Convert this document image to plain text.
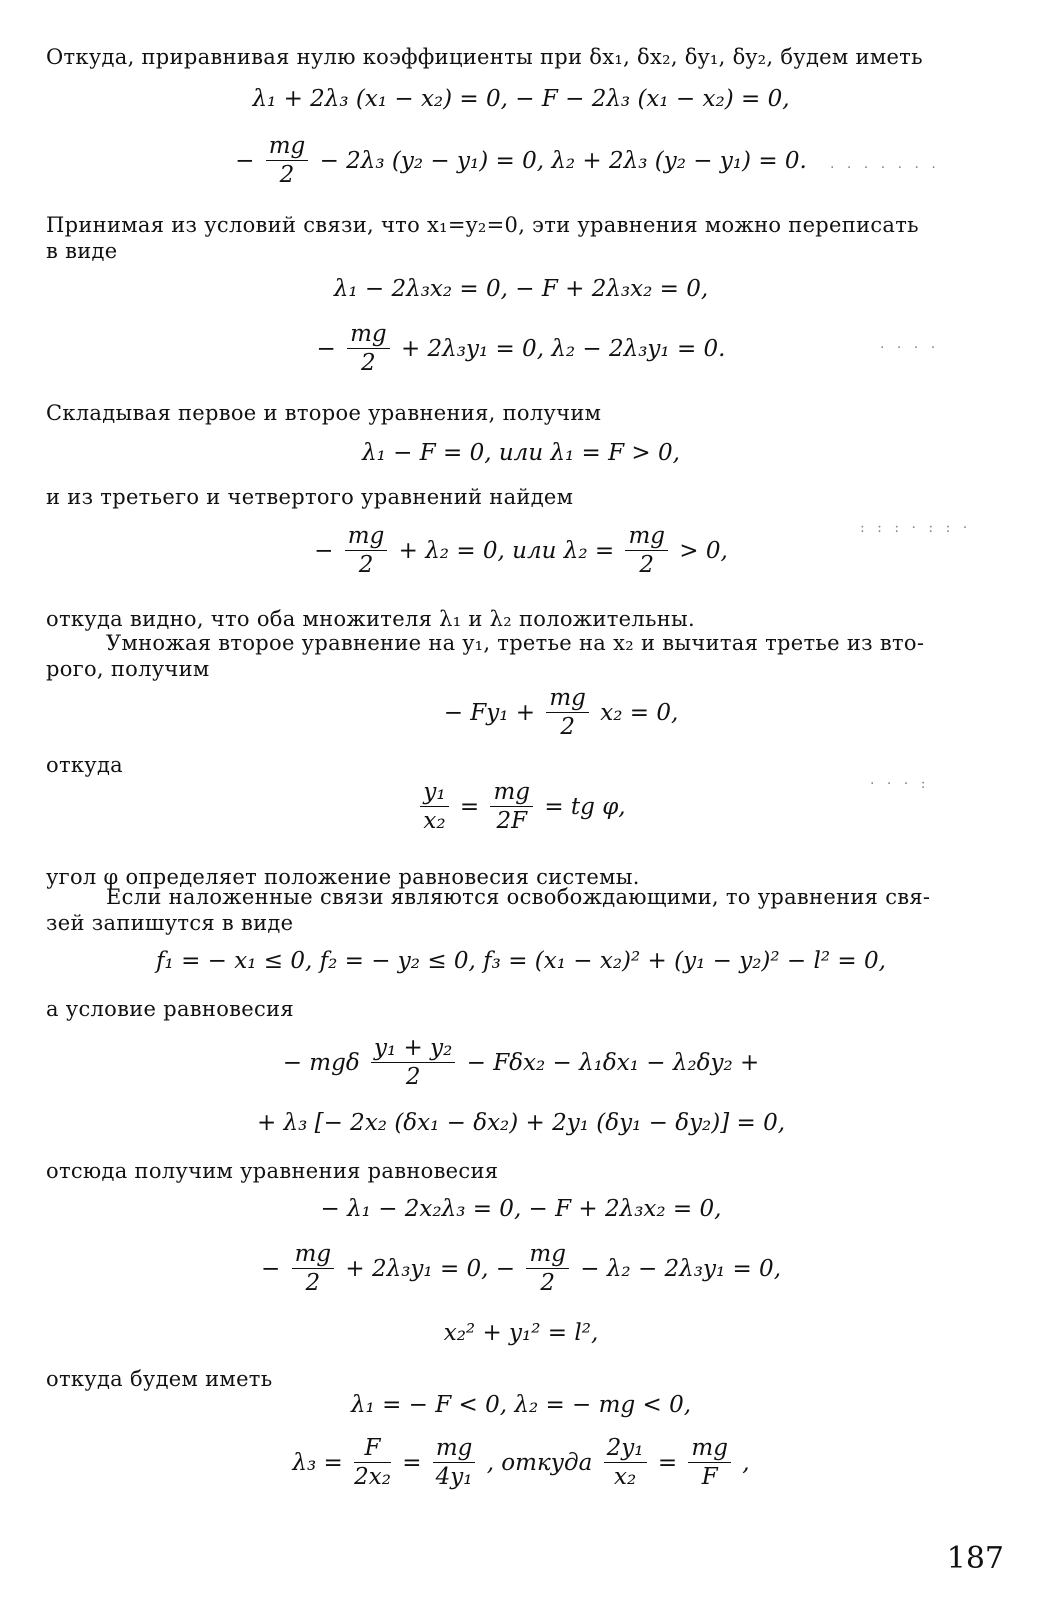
Откуда, приравнивая нулю коэффициенты при δx₁, δx₂, δy₁, δy₂, будем иметь
λ₁ + 2λ₃ (x₁ − x₂) = 0, − F − 2λ₃ (x₁ − x₂) = 0,
− $\frac{mg}{2} - 2\lambda_3$ (y₂ − y₁) = 0, λ₂ + 2λ₃ (y₂ − y₁) = 0.
Принимая из условий связи, что x₁=y₂=0, эти уравнения можно переписать
в виде
λ₁ − 2λ₃x₂ = 0, − F + 2λ₃x₂ = 0,
− $\frac{mg}{2} + 2\lambda_3y_1 = 0$, λ₂ − 2λ₃y₁ = 0.
Складывая первое и второе уравнения, получим
λ₁ − F = 0, или λ₁ = F > 0,
и из третьего и четвертого уравнений найдем
− $\frac{mg}{2} + \lambda_2 = 0$, или $\lambda_2 = \frac{mg}{2} > 0$,
откуда видно, что оба множителя λ₁ и λ₂ положительны.
Умножая второе уравнение на y₁, третье на x₂ и вычитая третье из вто-
рого, получим
− $Fy_1 + \frac{mg}{2} x_2 = 0$,
откуда
$\frac{\text{y₁}}{\text{x₂}} = \frac{mg}{2F}$ = tg φ,
угол φ определяет положение равновесия системы.
Если наложенные связи являются освобождающими, то уравнения свя-
зей запишутся в виде
f₁ = − x₁ ≤ 0, f₂ = − y₂ ≤ 0, f₃ = (x₁ − x₂)² + (y₁ − y₂)² − l² = 0,
а условие равновесия
− mgδ $\frac{\text{y₁ + y₂}}{2} - F\delta x_2 - \lambda_1\delta x_1 - \lambda_2\delta y_2$ +
+ λ₃ [− 2x₂ (δx₁ − δx₂) + 2y₁ (δy₁ − δy₂)] = 0,
отсюда получим уравнения равновесия
− λ₁ − 2x₂λ₃ = 0, − F + 2λ₃x₂ = 0,
− $\frac{mg}{2} + 2\lambda_3y_1 = 0$, − $\frac{mg}{2} - \lambda_2 - 2\lambda_3y_1 = 0$,
x₂² + y₁² = l²,
откуда будем иметь
λ₁ = − F < 0, λ₂ = − mg < 0,
$\lambda_3 = \frac{F}{\text{2x₂}} = \frac{mg}{\text{4y₁}}$ , откуда $\frac{\text{2y₁}}{\text{x₂}} = \frac{mg}{F}$ ,
· · · · · · ·
· · · ·
: : : · : : ·
· · · :
187
